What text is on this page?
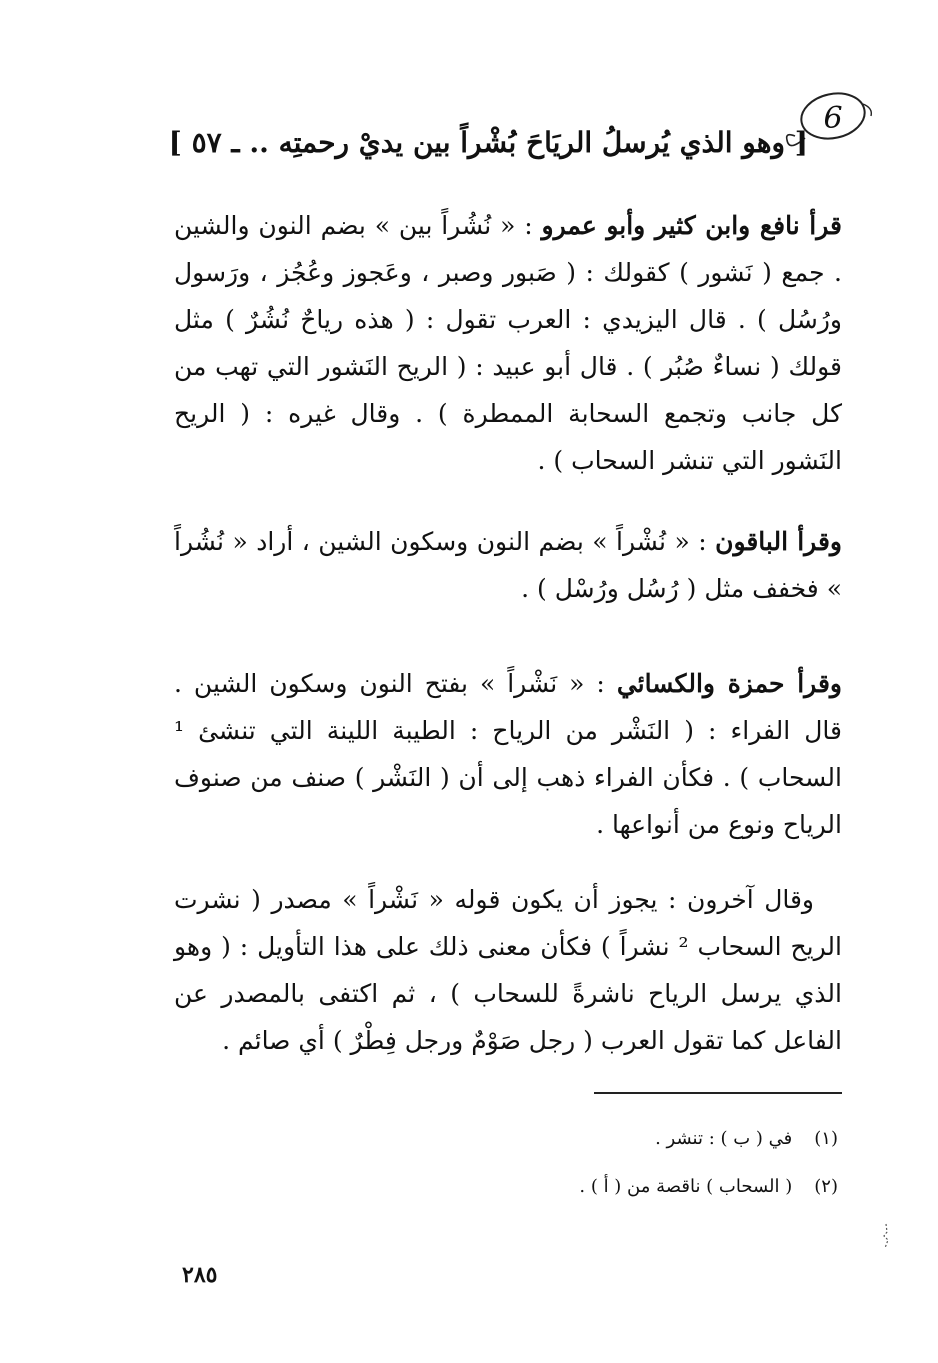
6
[ وهو الذي يُرسلُ الريَاحَ بُشْراً بين يديْ رحمتِه .. ـ ٥٧ ]

قرأ نافع وابن كثير وأبو عمرو : « نُشُراً بين » بضم النون والشين . جمع ( نَشور ) كقولك : ( صَبور وصبر ، وعَجوز وعُجُز ، ورَسول ورُسُل ) . قال اليزيدي : العرب تقول : ( هذه رياحٌ نُشُرٌ ) مثل قولك ( نساءٌ صُبُر ) . قال أبو عبيد : ( الريح النَشور التي تهب من كل جانب وتجمع السحابة الممطرة ) . وقال غيره : ( الريح النَشور التي تنشر السحاب ) .

وقرأ الباقون : « نُشْراً » بضم النون وسكون الشين ، أراد « نُشُراً » فخفف مثل ( رُسُل ورُسْل ) .

وقرأ حمزة والكسائي : « نَشْراً » بفتح النون وسكون الشين . قال الفراء : ( النَشْر من الرياح : الطيبة اللينة التي تنشئ ¹ السحاب ) . فكأن الفراء ذهب إلى أن ( النَشْر ) صنف من صنوف الرياح ونوع من أنواعها .

وقال آخرون : يجوز أن يكون قوله « نَشْراً » مصدر ( نشرت الريح السحاب ² نشراً ) فكأن معنى ذلك على هذا التأويل : ( وهو الذي يرسل الرياح ناشرةً للسحاب ) ، ثم اكتفى بالمصدر عن الفاعل كما تقول العرب ( رجل صَوْمٌ ورجل فِطْرٌ ) أي صائم .

(١)في ( ب ) : تنشر .
(٢)( السحاب ) ناقصة من ( أ ) .
٢٨٥
